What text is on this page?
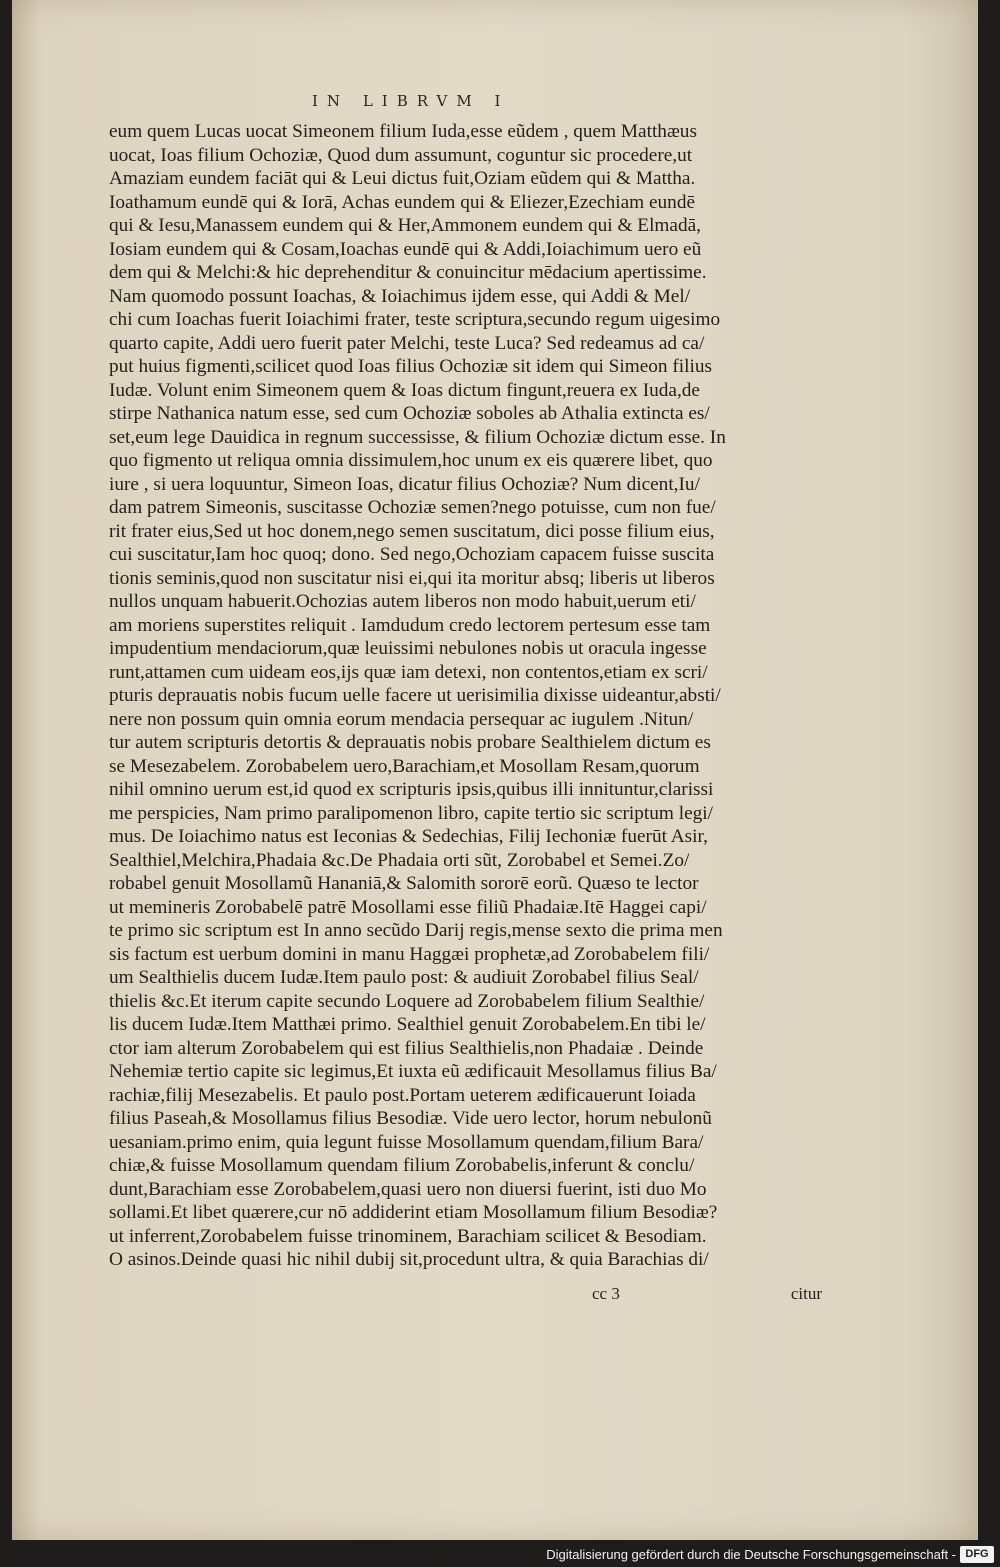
IN LIBRVM I
eum quem Lucas uocat Simeonem filium Iuda,esse eũdem , quem Matthæus
uocat, Ioas filium Ochoziæ, Quod dum assumunt, coguntur sic procedere,ut
Amaziam eundem faciāt qui & Leui dictus fuit,Oziam eũdem qui & Mattha.
Ioathamum eundē qui & Iorā, Achas eundem qui & Eliezer,Ezechiam eundē
qui & Iesu,Manassem eundem qui & Her,Ammonem eundem qui & Elmadā,
Iosiam eundem qui & Cosam,Ioachas eundē qui & Addi,Ioiachimum uero eũ
dem qui & Melchi:& hic deprehenditur & conuincitur mēdacium apertissime.
Nam quomodo possunt Ioachas, & Ioiachimus ijdem esse, qui Addi & Mel/
chi cum Ioachas fuerit Ioiachimi frater, teste scriptura,secundo regum uigesimo
quarto capite, Addi uero fuerit pater Melchi, teste Luca? Sed redeamus ad ca/
put huius figmenti,scilicet quod Ioas filius Ochoziæ sit idem qui Simeon filius
Iudæ. Volunt enim Simeonem quem & Ioas dictum fingunt,reuera ex Iuda,de
stirpe Nathanica natum esse, sed cum Ochoziæ soboles ab Athalia extincta es/
set,eum lege Dauidica in regnum successisse, & filium Ochoziæ dictum esse. In
quo figmento ut reliqua omnia dissimulem,hoc unum ex eis quærere libet, quo
iure , si uera loquuntur, Simeon Ioas, dicatur filius Ochoziæ? Num dicent,Iu/
dam patrem Simeonis, suscitasse Ochoziæ semen?nego potuisse, cum non fue/
rit frater eius,Sed ut hoc donem,nego semen suscitatum, dici posse filium eius,
cui suscitatur,Iam hoc quoq; dono. Sed nego,Ochoziam capacem fuisse suscita
tionis seminis,quod non suscitatur nisi ei,qui ita moritur absq; liberis ut liberos
nullos unquam habuerit.Ochozias autem liberos non modo habuit,uerum eti/
am moriens superstites reliquit . Iamdudum credo lectorem pertesum esse tam
impudentium mendaciorum,quæ leuissimi nebulones nobis ut oracula ingesse
runt,attamen cum uideam eos,ijs quæ iam detexi, non contentos,etiam ex scri/
pturis deprauatis nobis fucum uelle facere ut uerisimilia dixisse uideantur,absti/
nere non possum quin omnia eorum mendacia persequar ac iugulem .Nitun/
tur autem scripturis detortis & deprauatis nobis probare Sealthielem dictum es
se Mesezabelem. Zorobabelem uero,Barachiam,et Mosollam Resam,quorum
nihil omnino uerum est,id quod ex scripturis ipsis,quibus illi innituntur,clarissi
me perspicies, Nam primo paralipomenon libro, capite tertio sic scriptum legi/
mus. De Ioiachimo natus est Ieconias & Sedechias, Filij Iechoniæ fuerūt Asir,
Sealthiel,Melchira,Phadaia &c.De Phadaia orti sũt, Zorobabel et Semei.Zo/
robabel genuit Mosollamũ Hananiā,& Salomith sororē eorũ. Quæso te lector
ut memineris Zorobabelē patrē Mosollami esse filiũ Phadaiæ.Itē Haggei capi/
te primo sic scriptum est In anno secũdo Darij regis,mense sexto die prima men
sis factum est uerbum domini in manu Haggæi prophetæ,ad Zorobabelem fili/
um Sealthielis ducem Iudæ.Item paulo post: & audiuit Zorobabel filius Seal/
thielis &c.Et iterum capite secundo Loquere ad Zorobabelem filium Sealthie/
lis ducem Iudæ.Item Matthæi primo. Sealthiel genuit Zorobabelem.En tibi le/
ctor iam alterum Zorobabelem qui est filius Sealthielis,non Phadaiæ . Deinde
Nehemiæ tertio capite sic legimus,Et iuxta eũ ædificauit Mesollamus filius Ba/
rachiæ,filij Mesezabelis. Et paulo post.Portam ueterem ædificauerunt Ioiada
filius Paseah,& Mosollamus filius Besodiæ. Vide uero lector, horum nebulonũ
uesaniam.primo enim, quia legunt fuisse Mosollamum quendam,filium Bara/
chiæ,& fuisse Mosollamum quendam filium Zorobabelis,inferunt & conclu/
dunt,Barachiam esse Zorobabelem,quasi uero non diuersi fuerint, isti duo Mo
sollami.Et libet quærere,cur nō addiderint etiam Mosollamum filium Besodiæ?
ut inferrent,Zorobabelem fuisse trinominem, Barachiam scilicet & Besodiam.
O asinos.Deinde quasi hic nihil dubij sit,procedunt ultra, & quia Barachias di/
cc 3	citur
Digitalisierung gefördert durch die Deutsche Forschungsgemeinschaft - DFG
